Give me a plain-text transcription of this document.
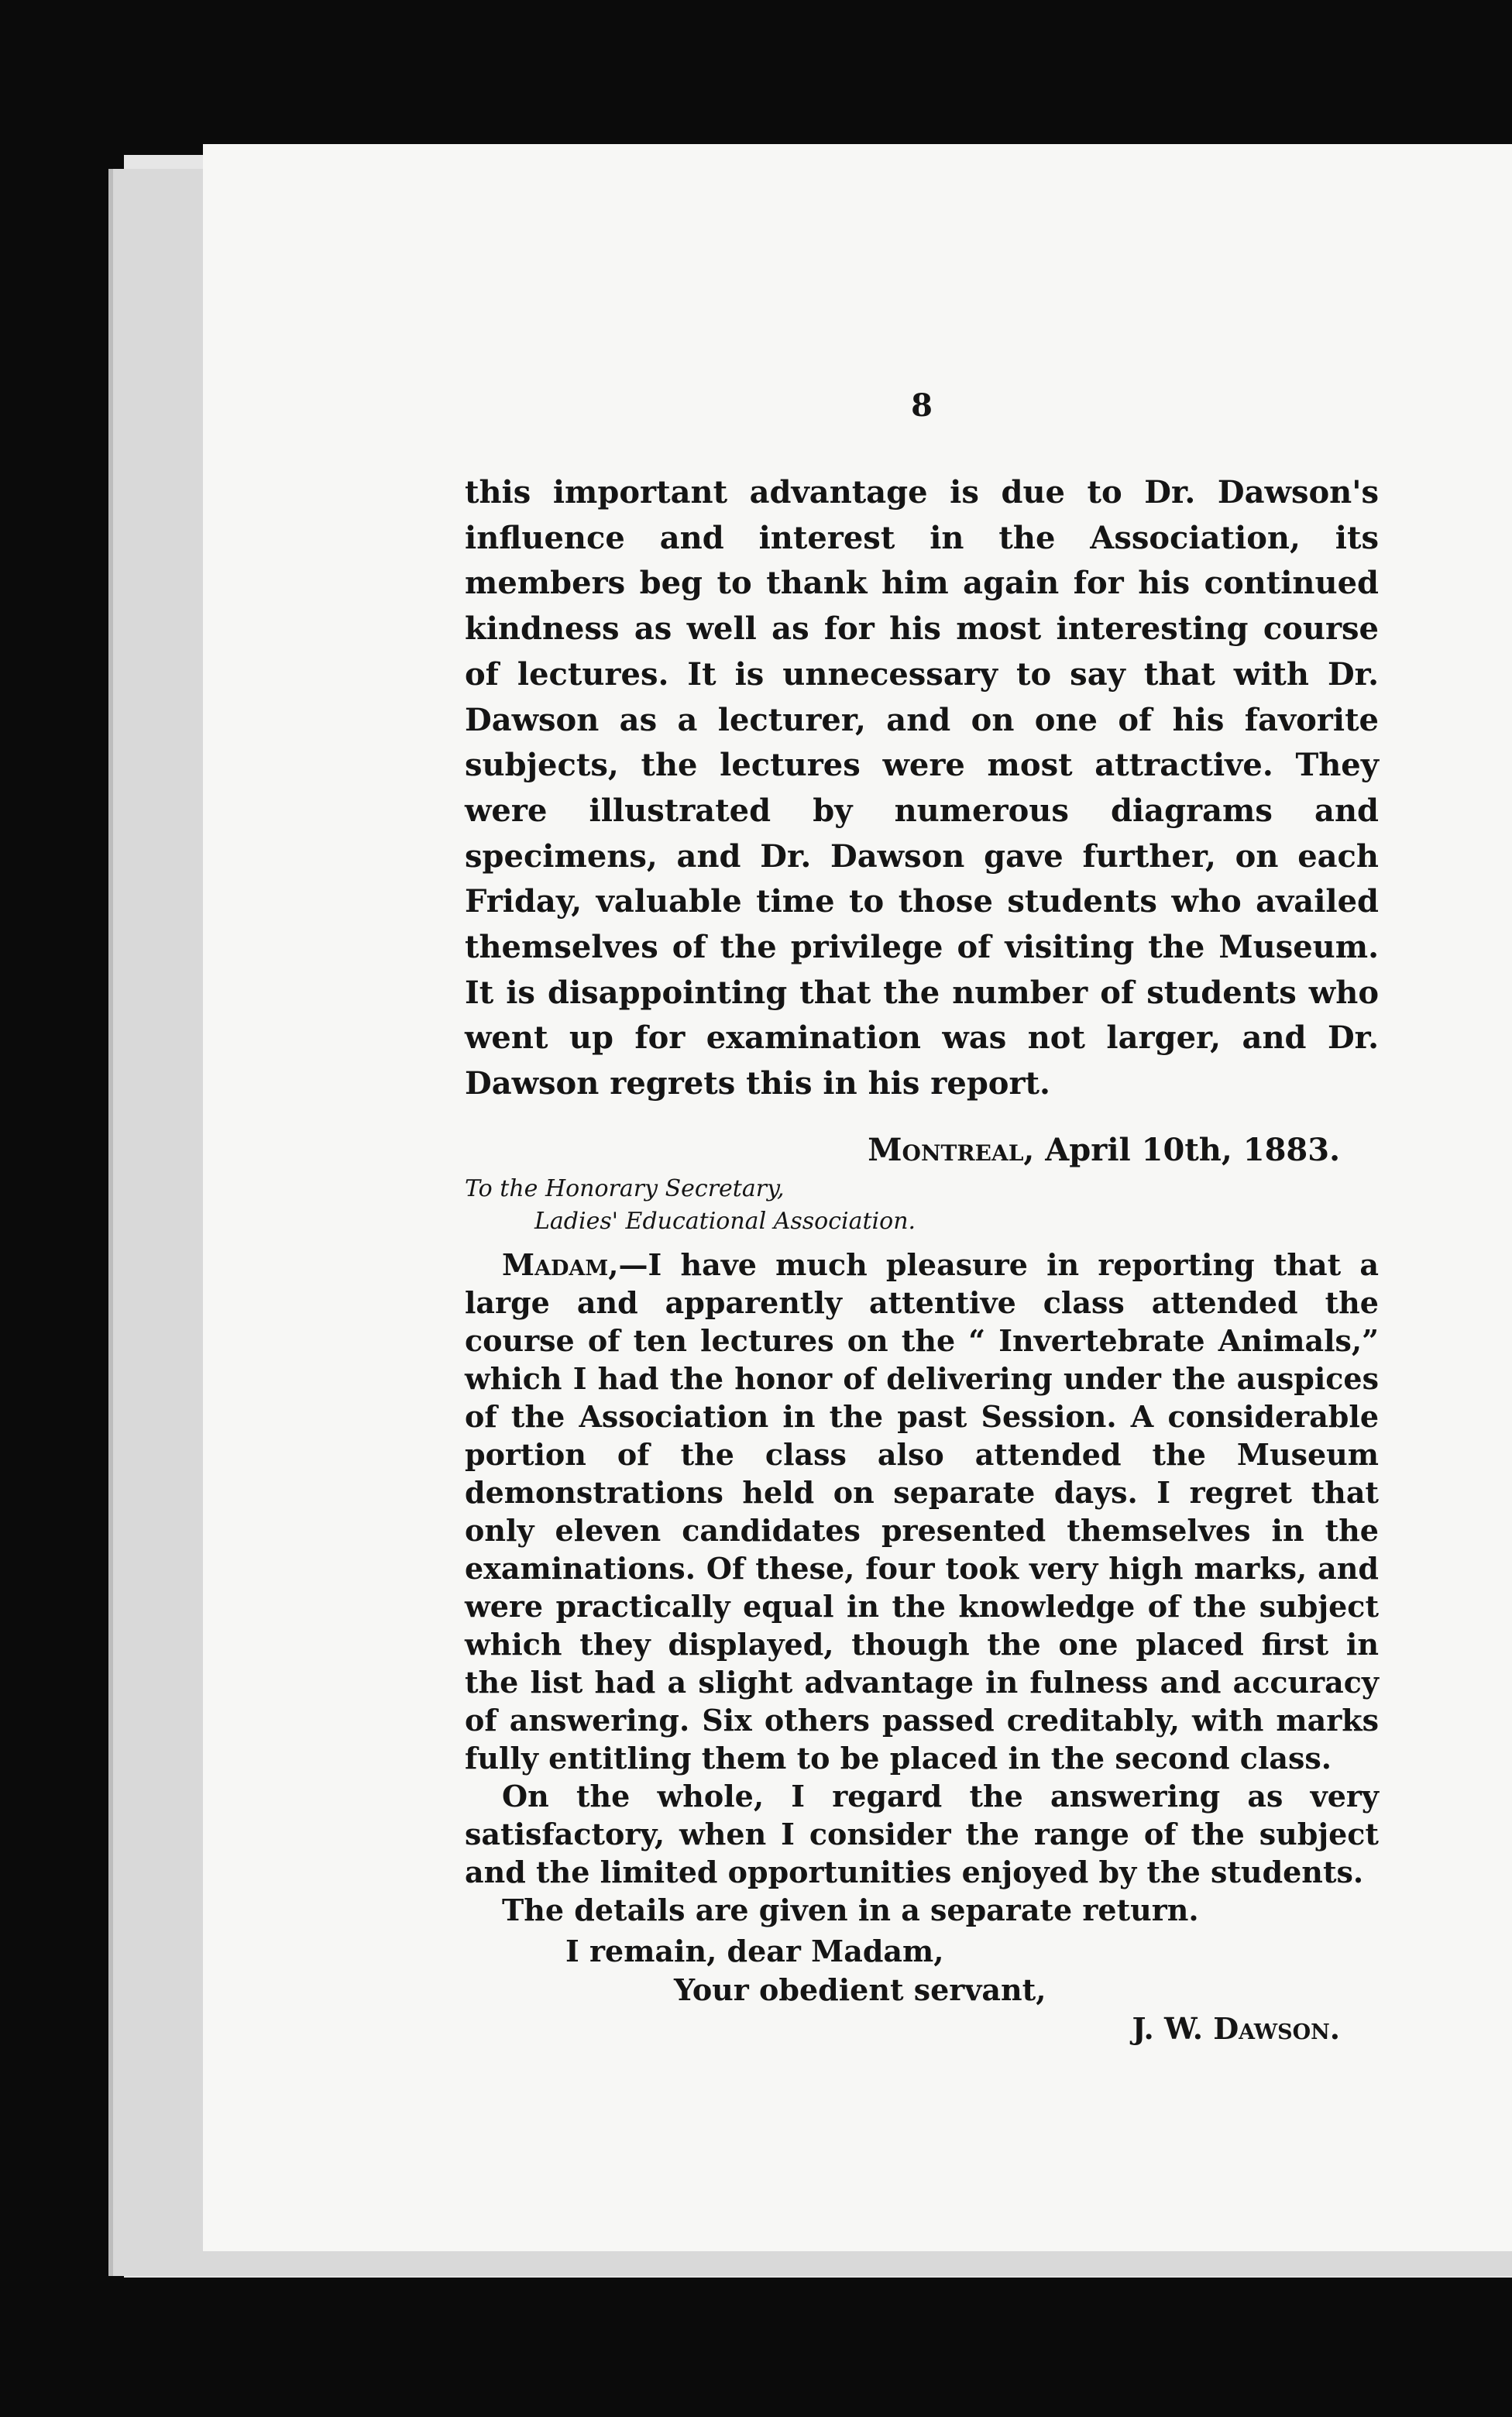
8

this important advantage is due to Dr. Dawson's influence and interest in the Association, its members beg to thank him again for his continued kindness as well as for his most interesting course of lectures. It is unnecessary to say that with Dr. Dawson as a lecturer, and on one of his favorite subjects, the lectures were most attractive. They were illustrated by numerous diagrams and specimens, and Dr. Dawson gave further, on each Friday, valuable time to those students who availed themselves of the privilege of visiting the Museum. It is disappointing that the number of students who went up for examination was not larger, and Dr. Dawson regrets this in his report.

Montreal, April 10th, 1883.
To the Honorary Secretary,
Ladies' Educational Association.

Madam,—I have much pleasure in reporting that a large and apparently attentive class attended the course of ten lectures on the “ Invertebrate Animals,” which I had the honor of delivering under the auspices of the Association in the past Session. A considerable portion of the class also attended the Museum demonstrations held on separate days. I regret that only eleven candidates presented themselves in the examinations. Of these, four took very high marks, and were practically equal in the knowledge of the subject which they displayed, though the one placed first in the list had a slight advantage in fulness and accuracy of answering. Six others passed creditably, with marks fully entitling them to be placed in the second class.

On the whole, I regard the answering as very satisfactory, when I consider the range of the subject and the limited opportunities enjoyed by the students.

The details are given in a separate return.

I remain, dear Madam,
Your obedient servant,
J. W. Dawson.
